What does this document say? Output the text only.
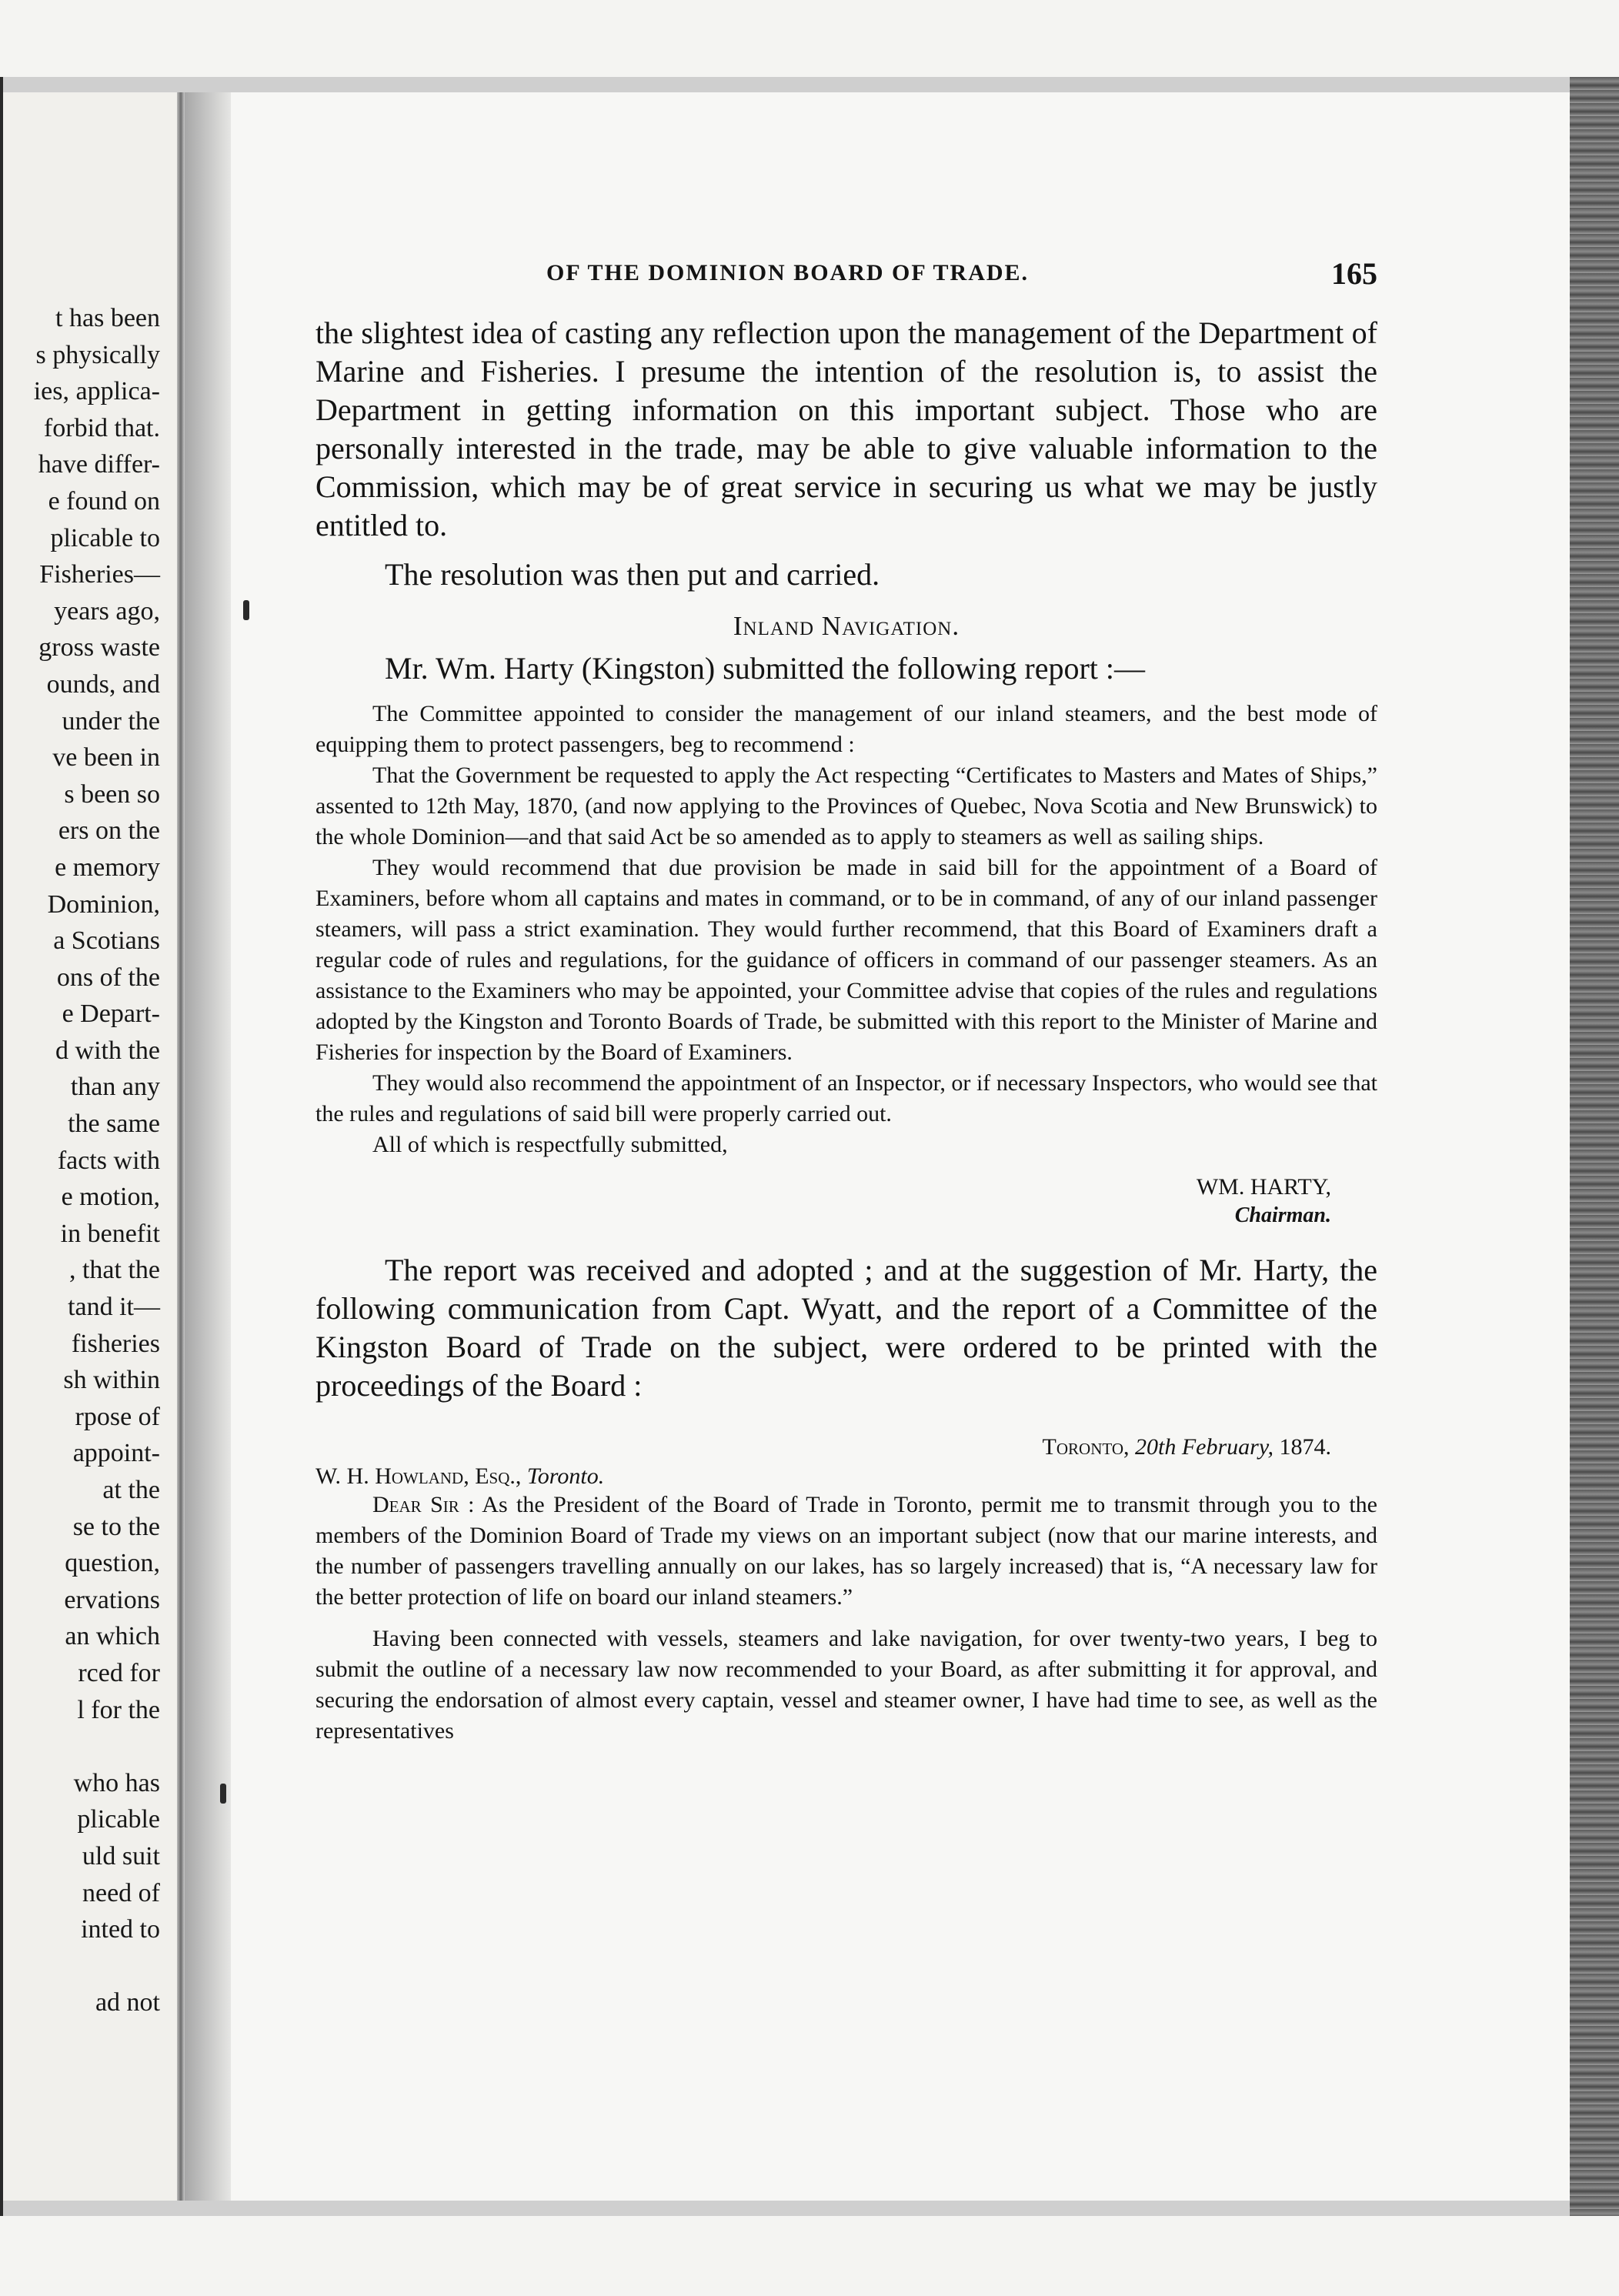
t has been
s physically
ies, applica-
forbid that.
have differ-
e found on
plicable to
Fisheries—
years ago,
gross waste
ounds, and
under the
ve been in
s been so
ers on the
e memory
Dominion,
a Scotians
ons of the
e Depart-
d with the
than any
the same
facts with
e motion,
in benefit
, that the
tand it—
fisheries
sh within
rpose of
appoint-
at the
se to the
question,
ervations
an which
rced for
l for the
who has
plicable
uld suit
need of
inted to
ad not
OF THE DOMINION BOARD OF TRADE.	165

the slightest idea of casting any reflection upon the management of the Department of Marine and Fisheries. I presume the intention of the resolution is, to assist the Department in getting information on this important subject. Those who are personally interested in the trade, may be able to give valuable information to the Commission, which may be of great service in securing us what we may be justly entitled to.

The resolution was then put and carried.

Inland Navigation.

Mr. Wm. Harty (Kingston) submitted the following report :—

The Committee appointed to consider the management of our inland steamers, and the best mode of equipping them to protect passengers, beg to recommend :

That the Government be requested to apply the Act respecting “Certificates to Masters and Mates of Ships,” assented to 12th May, 1870, (and now applying to the Provinces of Quebec, Nova Scotia and New Brunswick) to the whole Dominion—and that said Act be so amended as to apply to steamers as well as sailing ships.

They would recommend that due provision be made in said bill for the appointment of a Board of Examiners, before whom all captains and mates in command, or to be in command, of any of our inland passenger steamers, will pass a strict examination. They would further recommend, that this Board of Examiners draft a regular code of rules and regulations, for the guidance of officers in command of our passenger steamers. As an assistance to the Examiners who may be appointed, your Committee advise that copies of the rules and regulations adopted by the Kingston and Toronto Boards of Trade, be submitted with this report to the Minister of Marine and Fisheries for inspection by the Board of Examiners.

They would also recommend the appointment of an Inspector, or if necessary Inspectors, who would see that the rules and regulations of said bill were properly carried out.

All of which is respectfully submitted,

WM. HARTY,
Chairman.

The report was received and adopted ; and at the suggestion of Mr. Harty, the following communication from Capt. Wyatt, and the report of a Committee of the Kingston Board of Trade on the subject, were ordered to be printed with the proceedings of the Board :

Toronto, 20th February, 1874.
W. H. Howland, Esq., Toronto.

Dear Sir : As the President of the Board of Trade in Toronto, permit me to transmit through you to the members of the Dominion Board of Trade my views on an important subject (now that our marine interests, and the number of passengers travelling annually on our lakes, has so largely increased) that is, “A necessary law for the better protection of life on board our inland steamers.”

Having been connected with vessels, steamers and lake navigation, for over twenty-two years, I beg to submit the outline of a necessary law now recommended to your Board, as after submitting it for approval, and securing the endorsation of almost every captain, vessel and steamer owner, I have had time to see, as well as the representatives
